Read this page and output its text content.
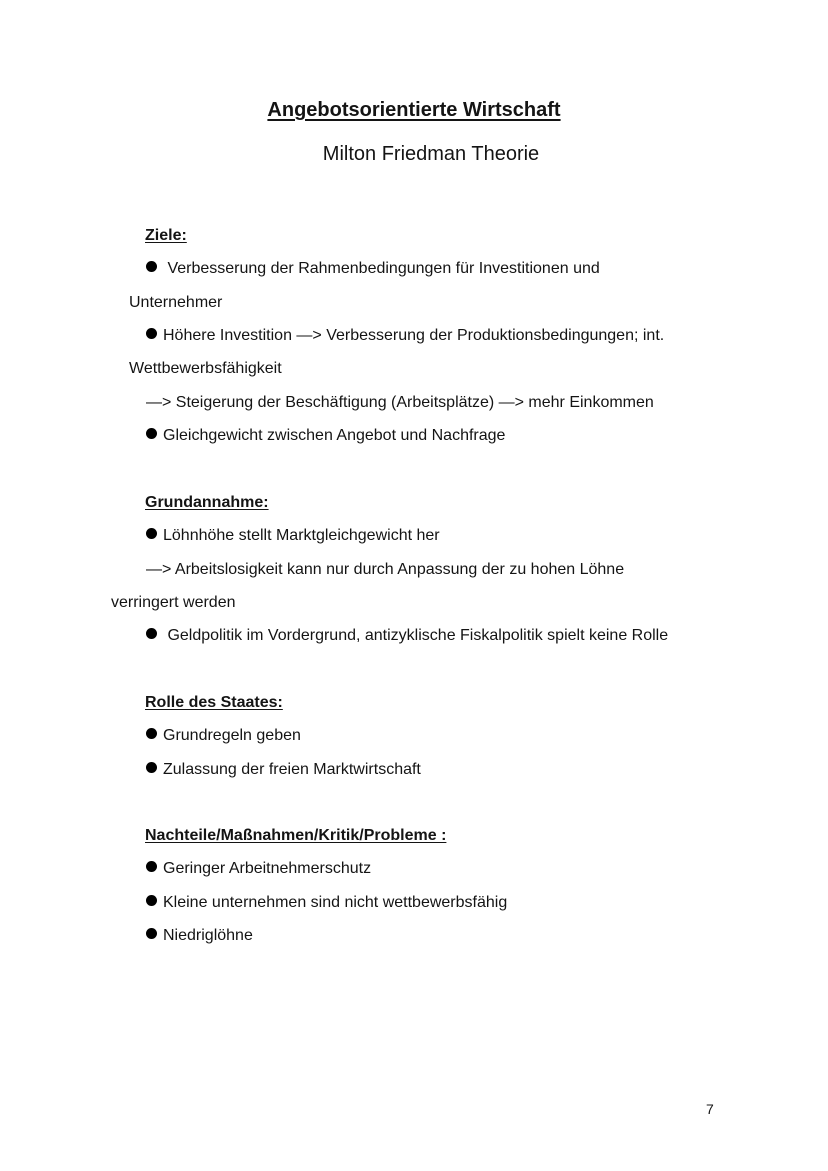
Angebotsorientierte Wirtschaft
Milton Friedman Theorie
Ziele:
Verbesserung der Rahmenbedingungen für Investitionen und
Unternehmer
Höhere Investition —> Verbesserung der Produktionsbedingungen; int.
Wettbewerbsfähigkeit
—> Steigerung der Beschäftigung (Arbeitsplätze) —> mehr Einkommen
Gleichgewicht zwischen Angebot und Nachfrage
Grundannahme:
Löhnhöhe stellt Marktgleichgewicht her
—> Arbeitslosigkeit kann nur durch Anpassung der zu hohen Löhne
verringert werden
Geldpolitik im Vordergrund, antizyklische Fiskalpolitik spielt keine Rolle
Rolle des Staates:
Grundregeln geben
Zulassung der freien Marktwirtschaft
Nachteile/Maßnahmen/Kritik/Probleme :
Geringer Arbeitnehmerschutz
Kleine unternehmen sind nicht wettbewerbsfähig
Niedriglöhne
7
